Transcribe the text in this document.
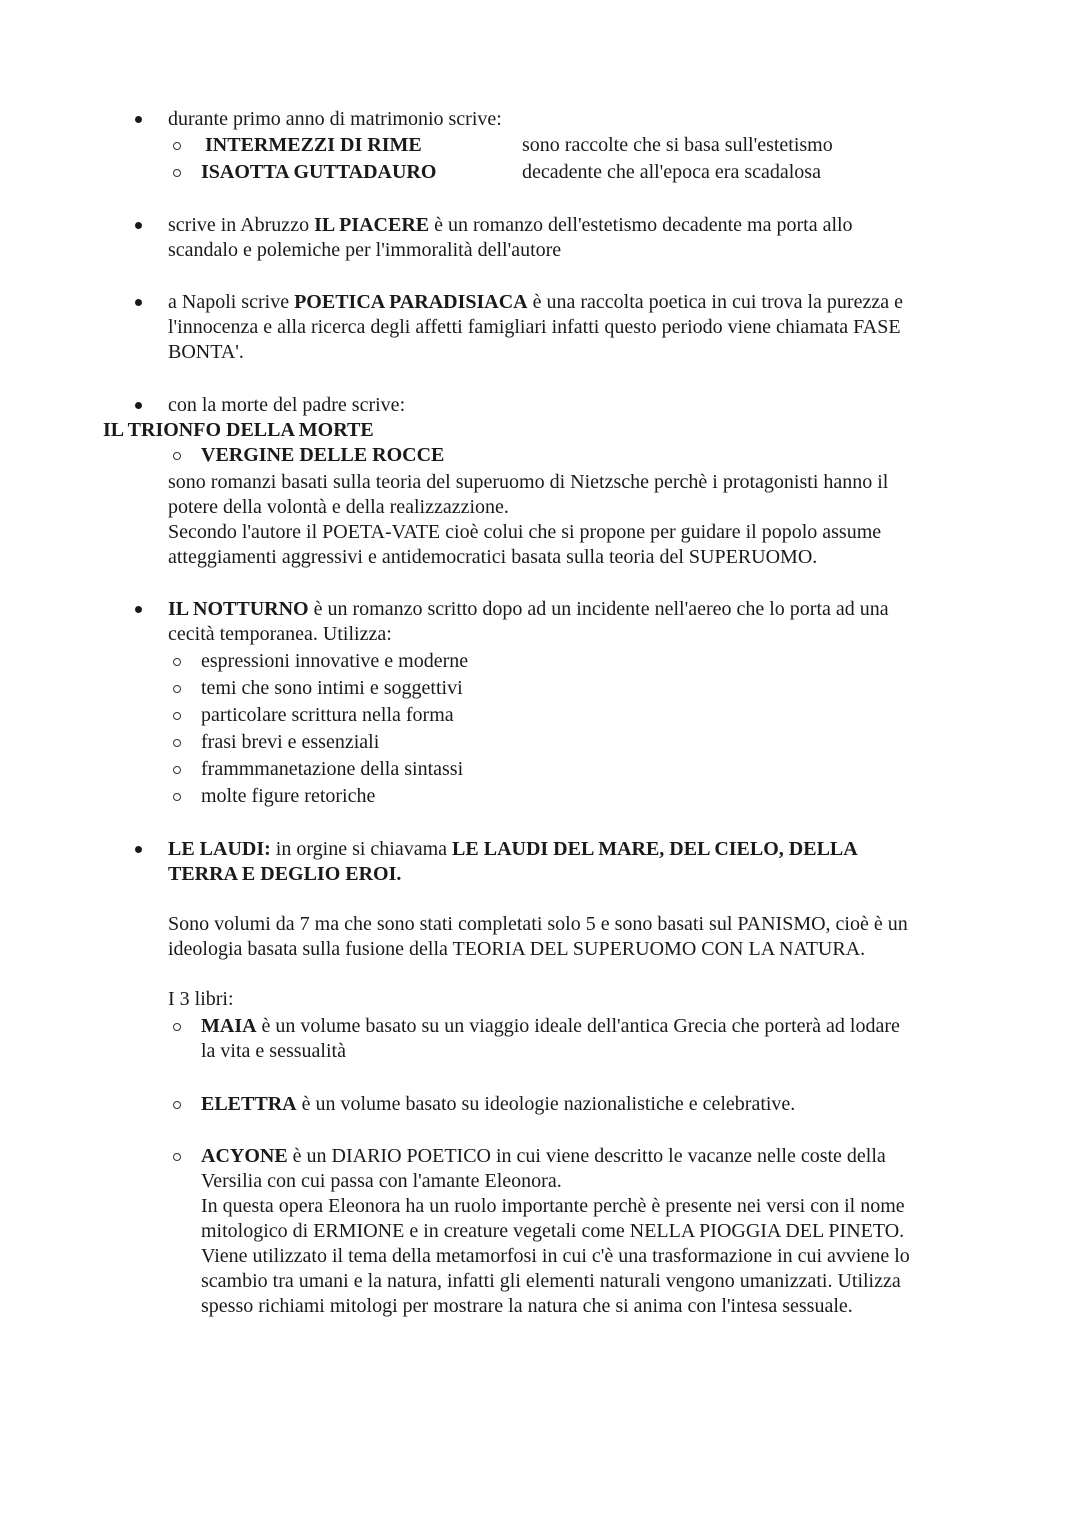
durante primo anno di matrimonio scrive:
INTERMEZZI DI RIME	sono raccolte che si basa sull'estetismo
ISAOTTA GUTTADAURO	decadente che all'epoca era scadalosa
scrive in Abruzzo IL PIACERE è un romanzo dell'estetismo decadente ma porta allo
scandalo e polemiche per l'immoralità dell'autore
a Napoli scrive POETICA PARADISIACA è una raccolta poetica in cui trova la purezza e
l'innocenza e alla ricerca degli affetti famigliari infatti questo periodo viene chiamata FASE
BONTA'.
con la morte del padre scrive:
IL TRIONFO DELLA MORTE
VERGINE DELLE ROCCE
sono romanzi basati sulla teoria del superuomo di Nietzsche perchè i protagonisti hanno il
potere della volontà e della realizzazzione.
Secondo l'autore il POETA-VATE cioè colui che si propone per guidare il popolo assume
atteggiamenti aggressivi e antidemocratici basata sulla teoria del SUPERUOMO.
IL NOTTURNO è un romanzo scritto dopo ad un incidente nell'aereo che lo porta ad una
cecità temporanea. Utilizza:
espressioni innovative e moderne
temi che sono intimi e soggettivi
particolare scrittura nella forma
frasi brevi e essenziali
frammmanetazione della sintassi
molte figure retoriche
LE LAUDI: in orgine si chiavama LE LAUDI DEL MARE, DEL CIELO, DELLA
TERRA E DEGLIO EROI.
Sono volumi da 7 ma che sono stati completati solo 5 e sono basati sul PANISMO, cioè è un
ideologia basata sulla fusione della TEORIA DEL SUPERUOMO CON LA NATURA.
I 3 libri:
MAIA è un volume basato su un viaggio ideale dell'antica Grecia che porterà ad lodare
la vita e sessualità
ELETTRA è un volume basato su ideologie nazionalistiche e celebrative.
ACYONE è un DIARIO POETICO in cui viene descritto le vacanze nelle coste della
Versilia con cui passa con l'amante Eleonora.
In questa opera Eleonora ha un ruolo importante perchè è presente nei versi con il nome
mitologico di ERMIONE e in creature vegetali come NELLA PIOGGIA DEL PINETO.
Viene utilizzato il tema della metamorfosi in cui c'è una trasformazione in cui avviene lo
scambio tra umani e la natura, infatti gli elementi naturali vengono umanizzati. Utilizza
spesso richiami mitologi per mostrare la natura che si anima con l'intesa sessuale.
